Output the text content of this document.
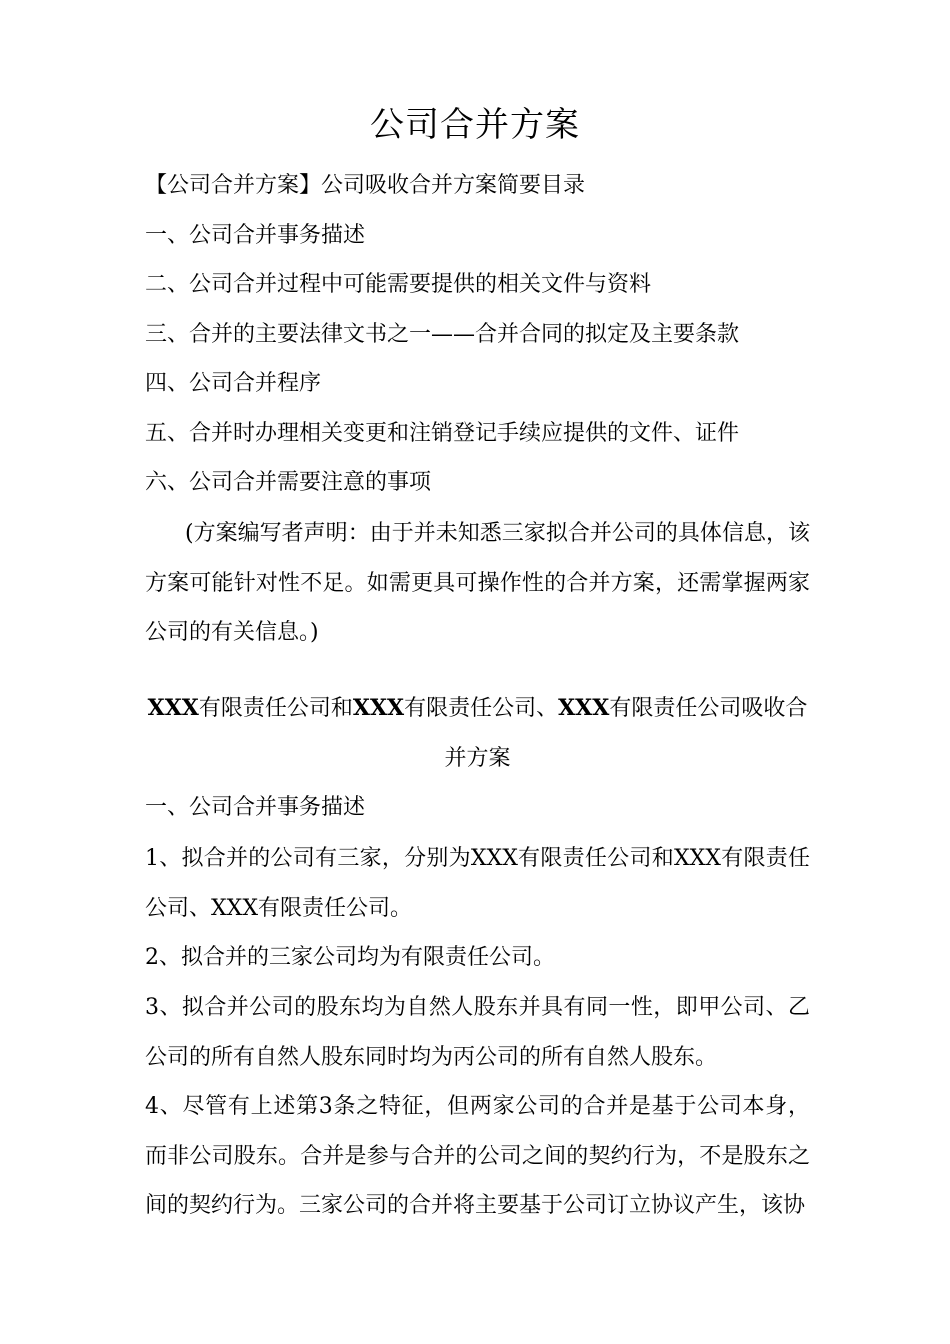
公司合并方案

【公司合并方案】公司吸收合并方案简要目录

一、公司合并事务描述

二、公司合并过程中可能需要提供的相关文件与资料

三、合并的主要法律文书之一——合并合同的拟定及主要条款

四、公司合并程序

五、合并时办理相关变更和注销登记手续应提供的文件、证件

六、公司合并需要注意的事项

(方案编写者声明：由于并未知悉三家拟合并公司的具体信息，该方案可能针对性不足。如需更具可操作性的合并方案，还需掌握两家公司的有关信息。)

XXX有限责任公司和XXX有限责任公司、XXX有限责任公司吸收合并方案

一、公司合并事务描述

1、拟合并的公司有三家，分别为XXX有限责任公司和XXX有限责任公司、XXX有限责任公司。

2、拟合并的三家公司均为有限责任公司。

3、拟合并公司的股东均为自然人股东并具有同一性，即甲公司、乙公司的所有自然人股东同时均为丙公司的所有自然人股东。

4、尽管有上述第3条之特征，但两家公司的合并是基于公司本身，而非公司股东。合并是参与合并的公司之间的契约行为，不是股东之间的契约行为。三家公司的合并将主要基于公司订立协议产生，该协
